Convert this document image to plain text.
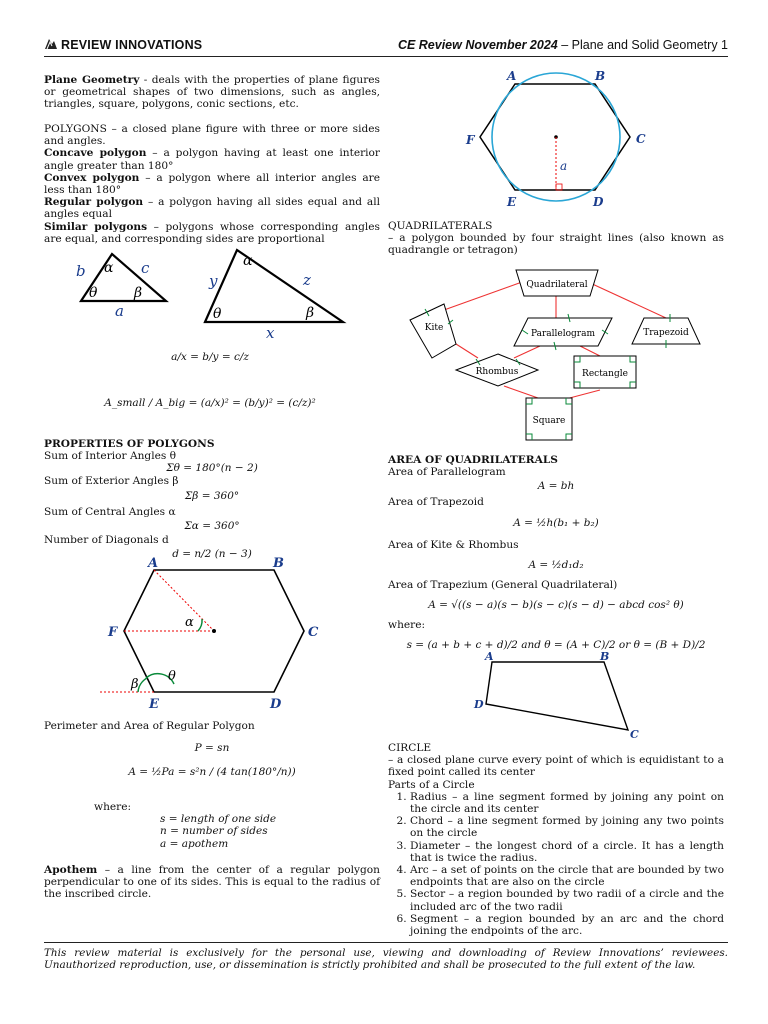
REVIEW INNOVATIONS	CE Review November 2024 – Plane and Solid Geometry 1

Plane Geometry - deals with the properties of plane figures or geometrical shapes of two dimensions, such as angles, triangles, square, polygons, conic sections, etc.

POLYGONS – a closed plane figure with three or more sides and angles.

Concave polygon – a polygon having at least one interior angle greater than 180°

Convex polygon – a polygon where all interior angles are less than 180°

Regular polygon – a polygon having all sides equal and all angles equal

Similar polygons – polygons whose corresponding angles are equal, and corresponding sides are proportional

b α c
θ	β
a
y
α
z
θ	β
x
a/x = b/y = c/z
A_small / A_big = (a/x)² = (b/y)² = (c/z)²

PROPERTIES OF POLYGONS

Sum of Interior Angles θ

Σθ = 180°(n − 2)

Sum of Exterior Angles β

Σβ = 360°

Sum of Central Angles α

Σα = 360°

Number of Diagonals d

d = n/2 (n − 3)

A	B
C
D
E
F
α
θ
β

Perimeter and Area of Regular Polygon

P = sn

A = ½Pa = s²n / (4 tan(180°/n))

where:

s = length of one side

n = number of sides

a = apothem

Apothem – a line from the center of a regular polygon perpendicular to one of its sides. This is equal to the radius of the inscribed circle.

A	B
C
D
E
F
a

QUADRILATERALS

– a polygon bounded by four straight lines (also known as quadrangle or tetragon)

Quadrilateral
Kite
Parallelogram	Trapezoid
Rhombus	Rectangle
Square

AREA OF QUADRILATERALS

Area of Parallelogram

A = bh

Area of Trapezoid

A = ½h(b₁ + b₂)

Area of Kite & Rhombus

A = ½d₁d₂

Area of Trapezium (General Quadrilateral)

A = √((s − a)(s − b)(s − c)(s − d) − abcd cos² θ)

where:

s = (a + b + c + d)/2 and θ = (A + C)/2 or θ = (B + D)/2

A	B
C
D

CIRCLE

– a closed plane curve every point of which is equidistant to a fixed point called its center

Parts of a Circle

1. Radius – a line segment formed by joining any point on the circle and its center
2. Chord – a line segment formed by joining any two points on the circle
3. Diameter – the longest chord of a circle. It has a length that is twice the radius.
4. Arc – a set of points on the circle that are bounded by two endpoints that are also on the circle
5. Sector – a region bounded by two radii of a circle and the included arc of the two radii
6. Segment – a region bounded by an arc and the chord joining the endpoints of the arc.
This review material is exclusively for the personal use, viewing and downloading of Review Innovations’ reviewees. Unauthorized reproduction, use, or dissemination is strictly prohibited and shall be prosecuted to the full extent of the law.
